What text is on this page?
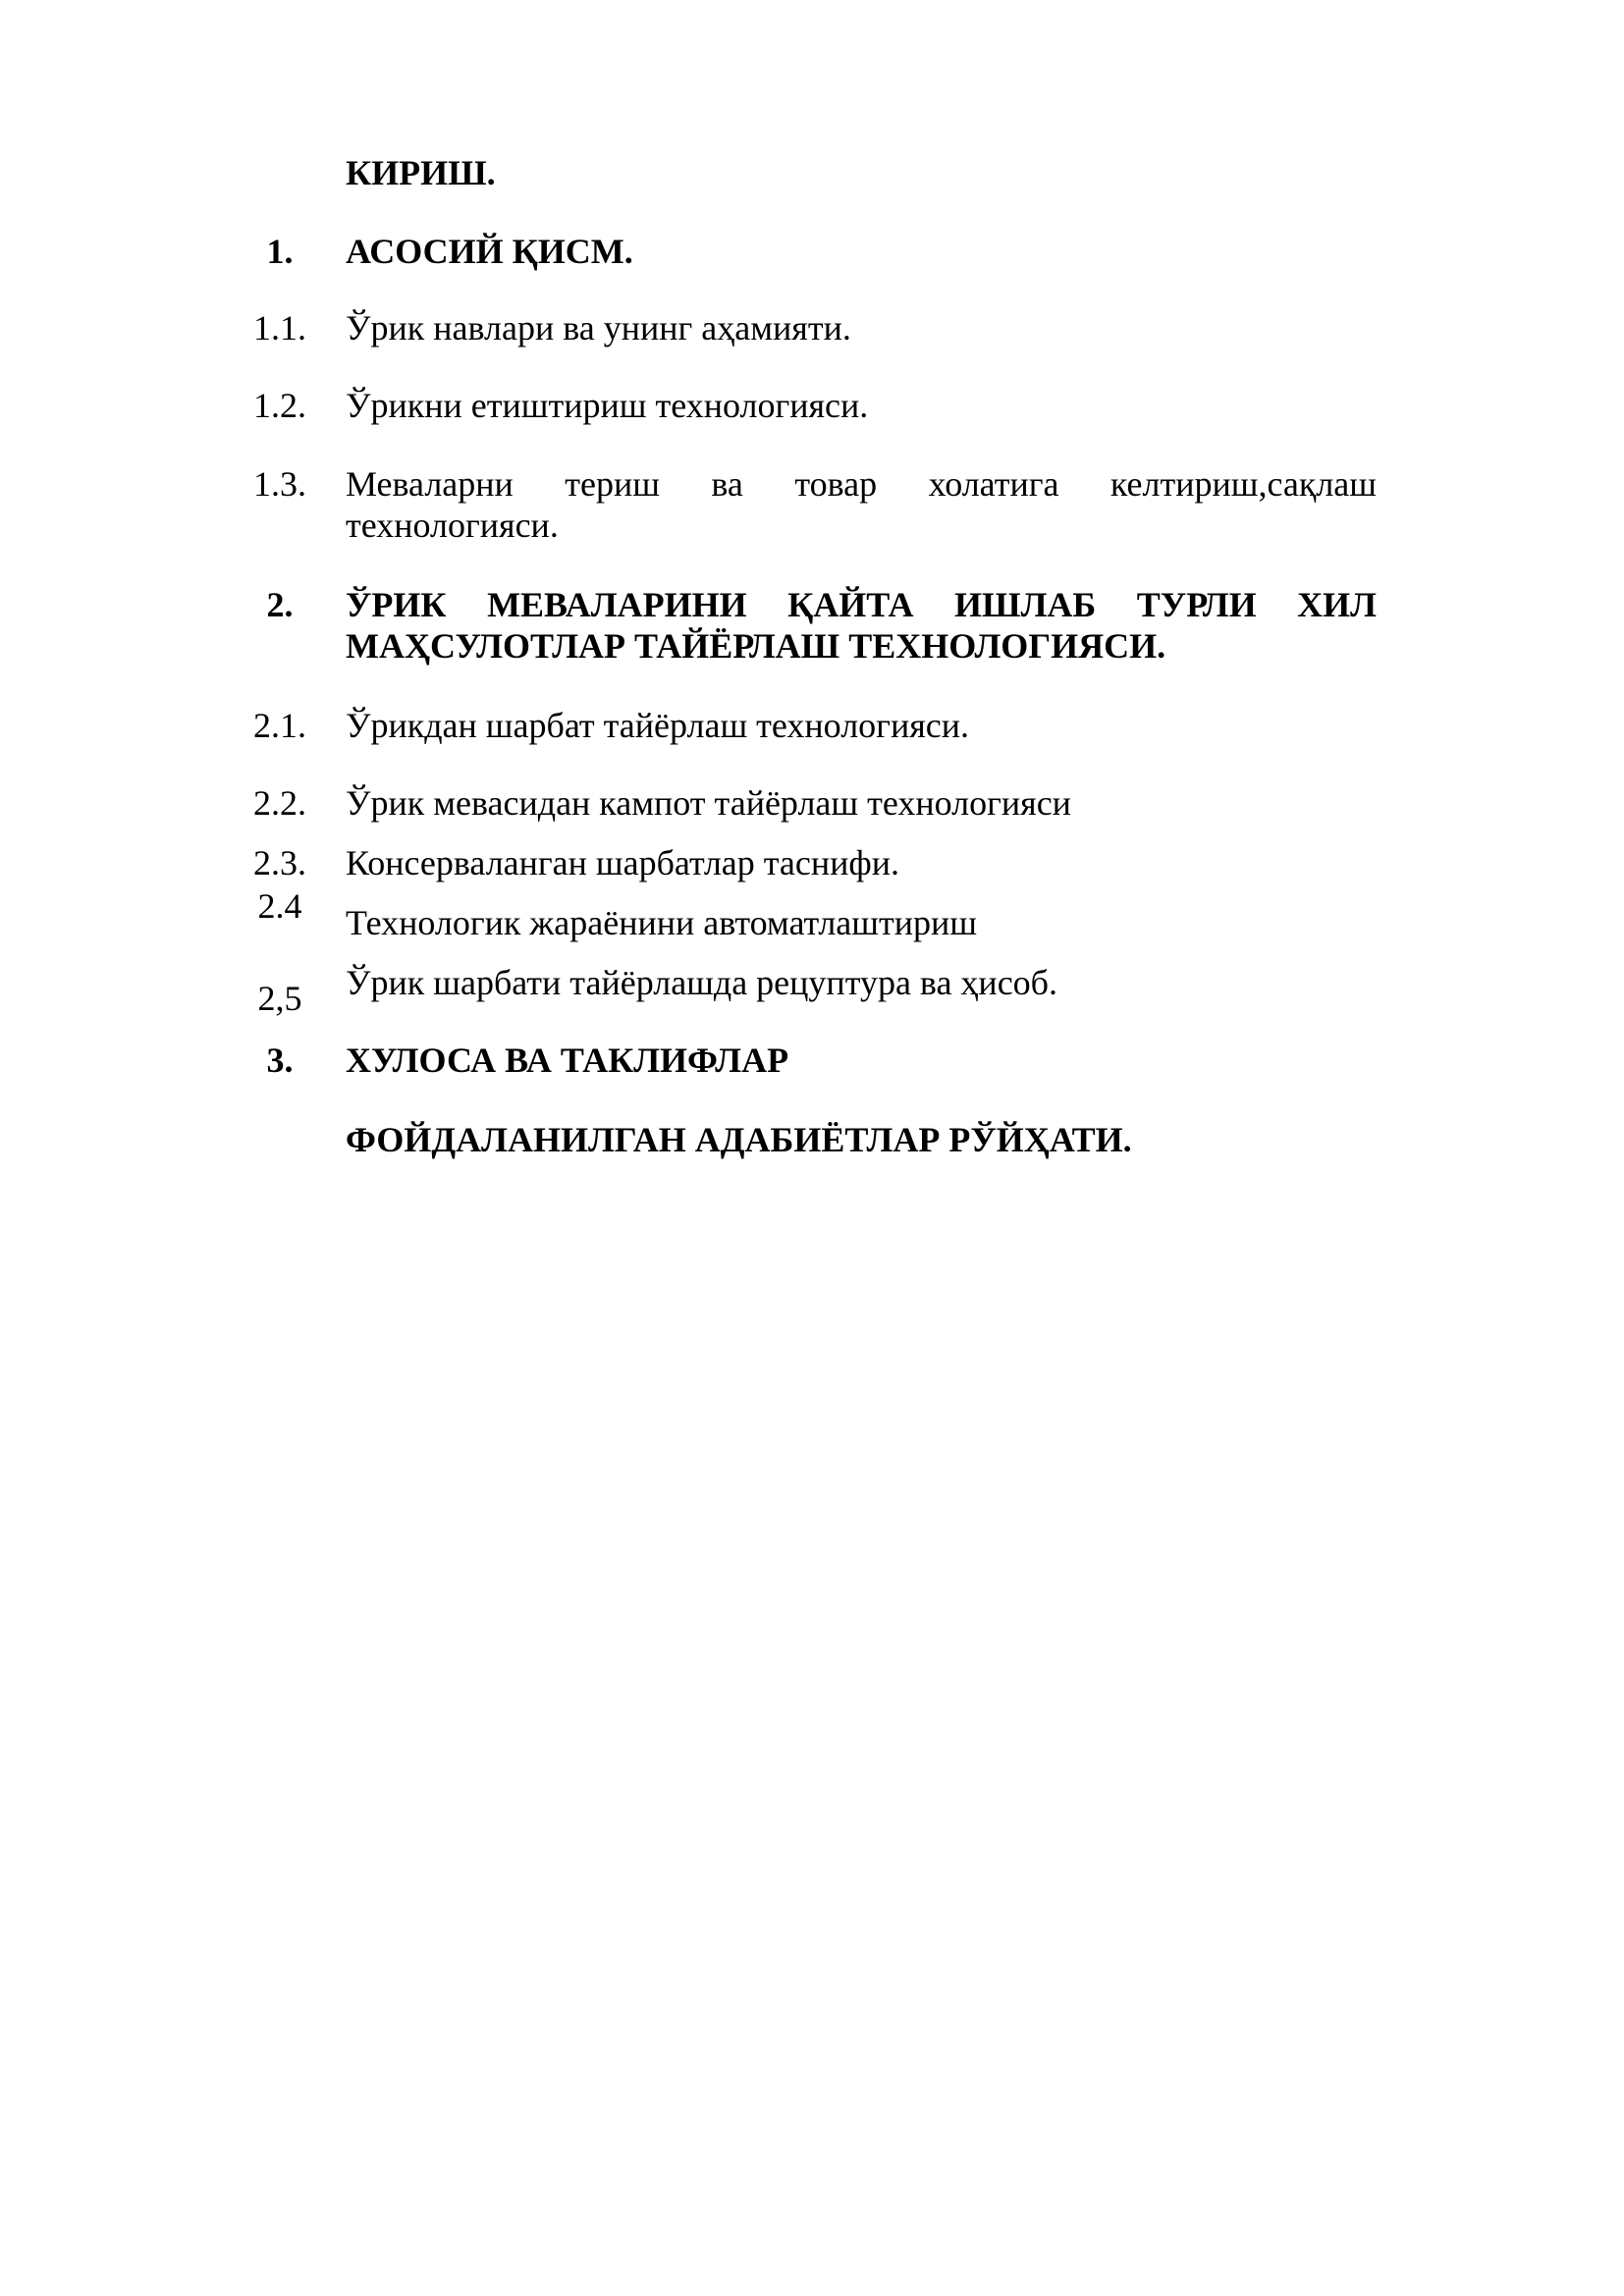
КИРИШ.
1.	АСОСИЙ ҚИСМ.
1.1.	Ўрик навлари ва унинг аҳамияти.
1.2.	Ўрикни етиштириш технологияси.
1.3.	Меваларни териш ва товар холатига келтириш,сақлаш технологияси.
2.	ЎРИК МЕВАЛАРИНИ ҚАЙТА ИШЛАБ ТУРЛИ ХИЛ МАҲСУЛОТЛАР ТАЙЁРЛАШ ТЕХНОЛОГИЯСИ.
2.1.	Ўрикдан шарбат тайёрлаш технологияси.
2.2.	Ўрик мевасидан кампот тайёрлаш технологияси
2.3.	Консерваланган шарбатлар таснифи.
2.4	Технологик жараёнини автоматлаштириш
2,5	Ўрик шарбати тайёрлашда рецуптура ва ҳисоб.
3.	ХУЛОСА ВА ТАКЛИФЛАР
ФОЙДАЛАНИЛГАН АДАБИЁТЛАР РЎЙҲАТИ.
